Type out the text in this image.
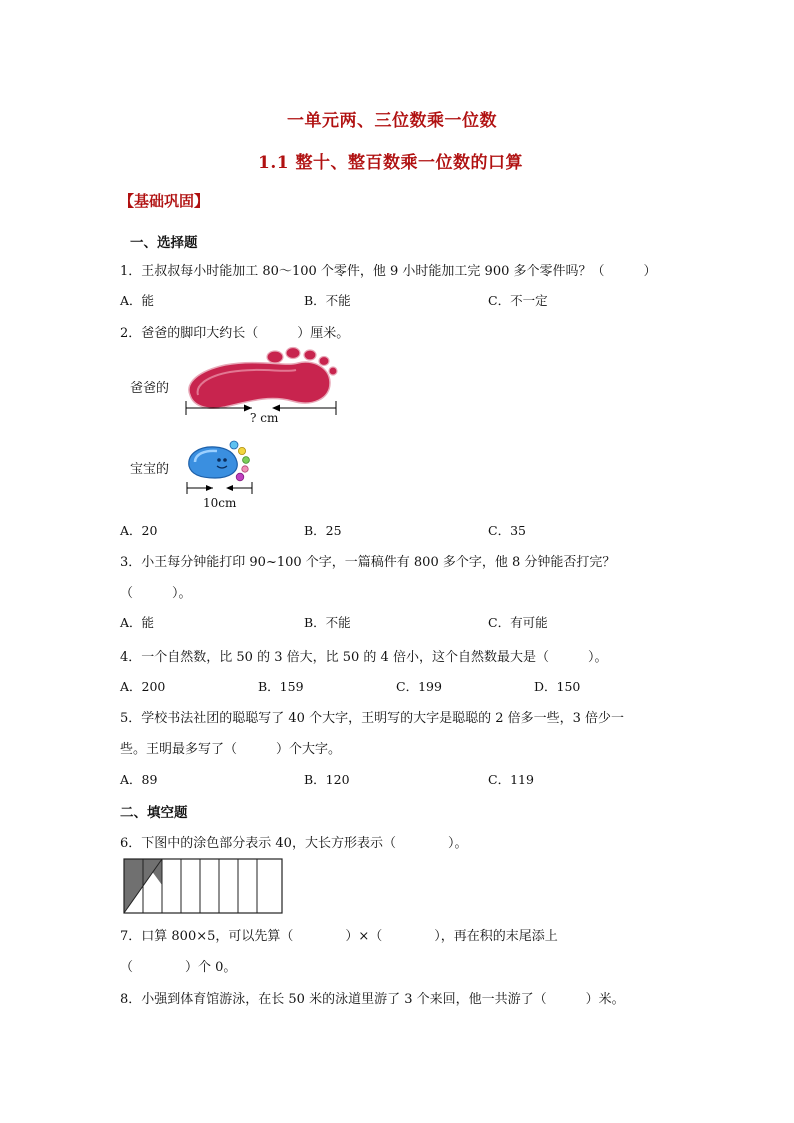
一单元两、三位数乘一位数
1.1 整十、整百数乘一位数的口算
【基础巩固】
一、选择题
1．王叔叔每小时能加工 80～100 个零件，他 9 小时能加工完 900 多个零件吗？（　　　）
A．能	B．不能	C．不一定
2．爸爸的脚印大约长（　　　）厘米。
爸爸的
? cm
宝宝的
10cm
A．20	B．25	C．35
3．小王每分钟能打印 90~100 个字，一篇稿件有 800 多个字，他 8 分钟能否打完？
（　　　）。
A．能	B．不能	C．有可能
4．一个自然数，比 50 的 3 倍大，比 50 的 4 倍小，这个自然数最大是（　　　）。
A．200	B．159	C．199	D．150
5．学校书法社团的聪聪写了 40 个大字，王明写的大字是聪聪的 2 倍多一些，3 倍少一
些。王明最多写了（　　　）个大字。
A．89	B．120	C．119
二、填空题
6．下图中的涂色部分表示 40，大长方形表示（　　　　）。
7．口算 800×5，可以先算（　　　　）×（　　　　），再在积的末尾添上
（　　　　）个 0。
8．小强到体育馆游泳，在长 50 米的泳道里游了 3 个来回，他一共游了（　　　）米。
